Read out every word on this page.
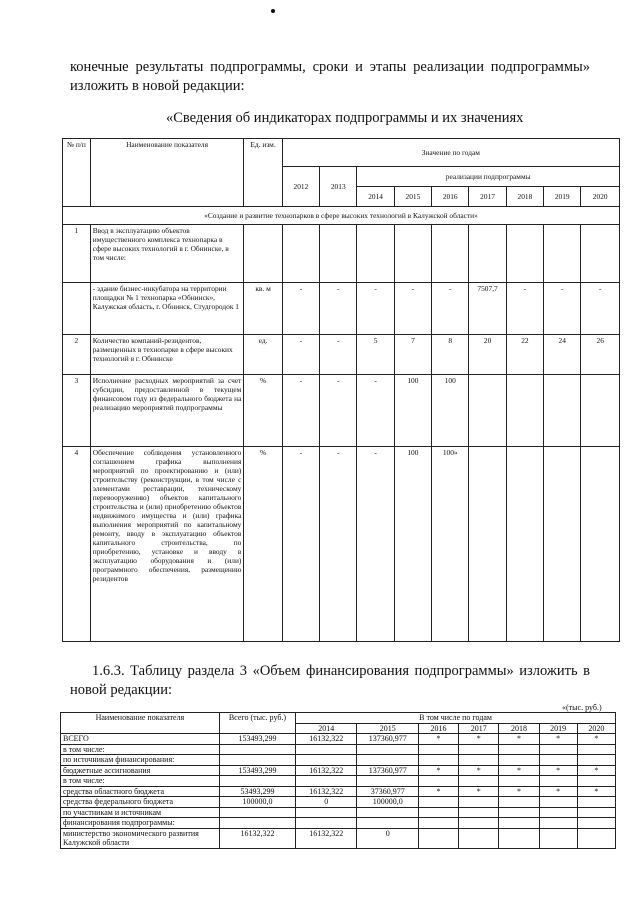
конечные результаты подпрограммы, сроки и этапы реализации подпрограммы» изложить в новой редакции:
«Сведения об индикаторах подпрограммы и их значениях
№ п/п	Наименование показателя	Ед. изм.	Значение по годам								
			2012	2013	реализации подпрограммы						
					2014	2015	2016	2017	2018	2019	2020
«Создание и развитие технопарков в сфере высоких технологий в Калужской области»											
1	Ввод в эксплуатацию объектов имущественного комплекса технопарка в сфере высоких технологий в г. Обнинске, в том числе:										
	- здание бизнес-инкубатора на территории площадки № 1 технопарка «Обнинск», Калужская область, г. Обнинск, Студгородок 1	кв. м	-	-	-	-	-	7507,7	-	-	-
2	Количество компаний-резидентов, размещенных в технопарке в сфере высоких технологий в г. Обнинске	ед.	-	-	5	7	8	20	22	24	26
3	Исполнение расходных мероприятий за счет субсидии, предоставленной в текущем финансовом году из федерального бюджета на реализацию мероприятий подпрограммы	%	-	-	-	100	100				
4	Обеспечение соблюдения установленного соглашением графика выполнения мероприятий по проектированию и (или) строительству (реконструкции, в том числе с элементами реставрации, техническому перевооружению) объектов капитального строительства и (или) приобретению объектов недвижимого имущества и (или) графика выполнения мероприятий по капитальному ремонту, вводу в эксплуатацию объектов капитального строительства, по приобретению, установке и вводу в эксплуатацию оборудования и (или) программного обеспечения, размещению резидентов	%	-	-	-	100	100»				
1.6.3. Таблицу раздела 3 «Объем финансирования подпрограммы» изложить в новой редакции:
«(тыс. руб.)
Наименование показателя	Всего (тыс. руб.)	В том числе по годам						
		2014	2015	2016	2017	2018	2019	2020
ВСЕГО	153493,299	16132,322	137360,977	*	*	*	*	*
в том числе:								
по источникам финансирования:								
бюджетные ассигнования	153493,299	16132,322	137360,977	*	*	*	*	*
в том числе:								
средства областного бюджета	53493,299	16132,322	37360,977	*	*	*	*	*
средства федерального бюджета	100000,0	0	100000,0					
по участникам и источникам								
финансирования подпрограммы:								
министерство экономического развития Калужской области	16132,322	16132,322	0					
